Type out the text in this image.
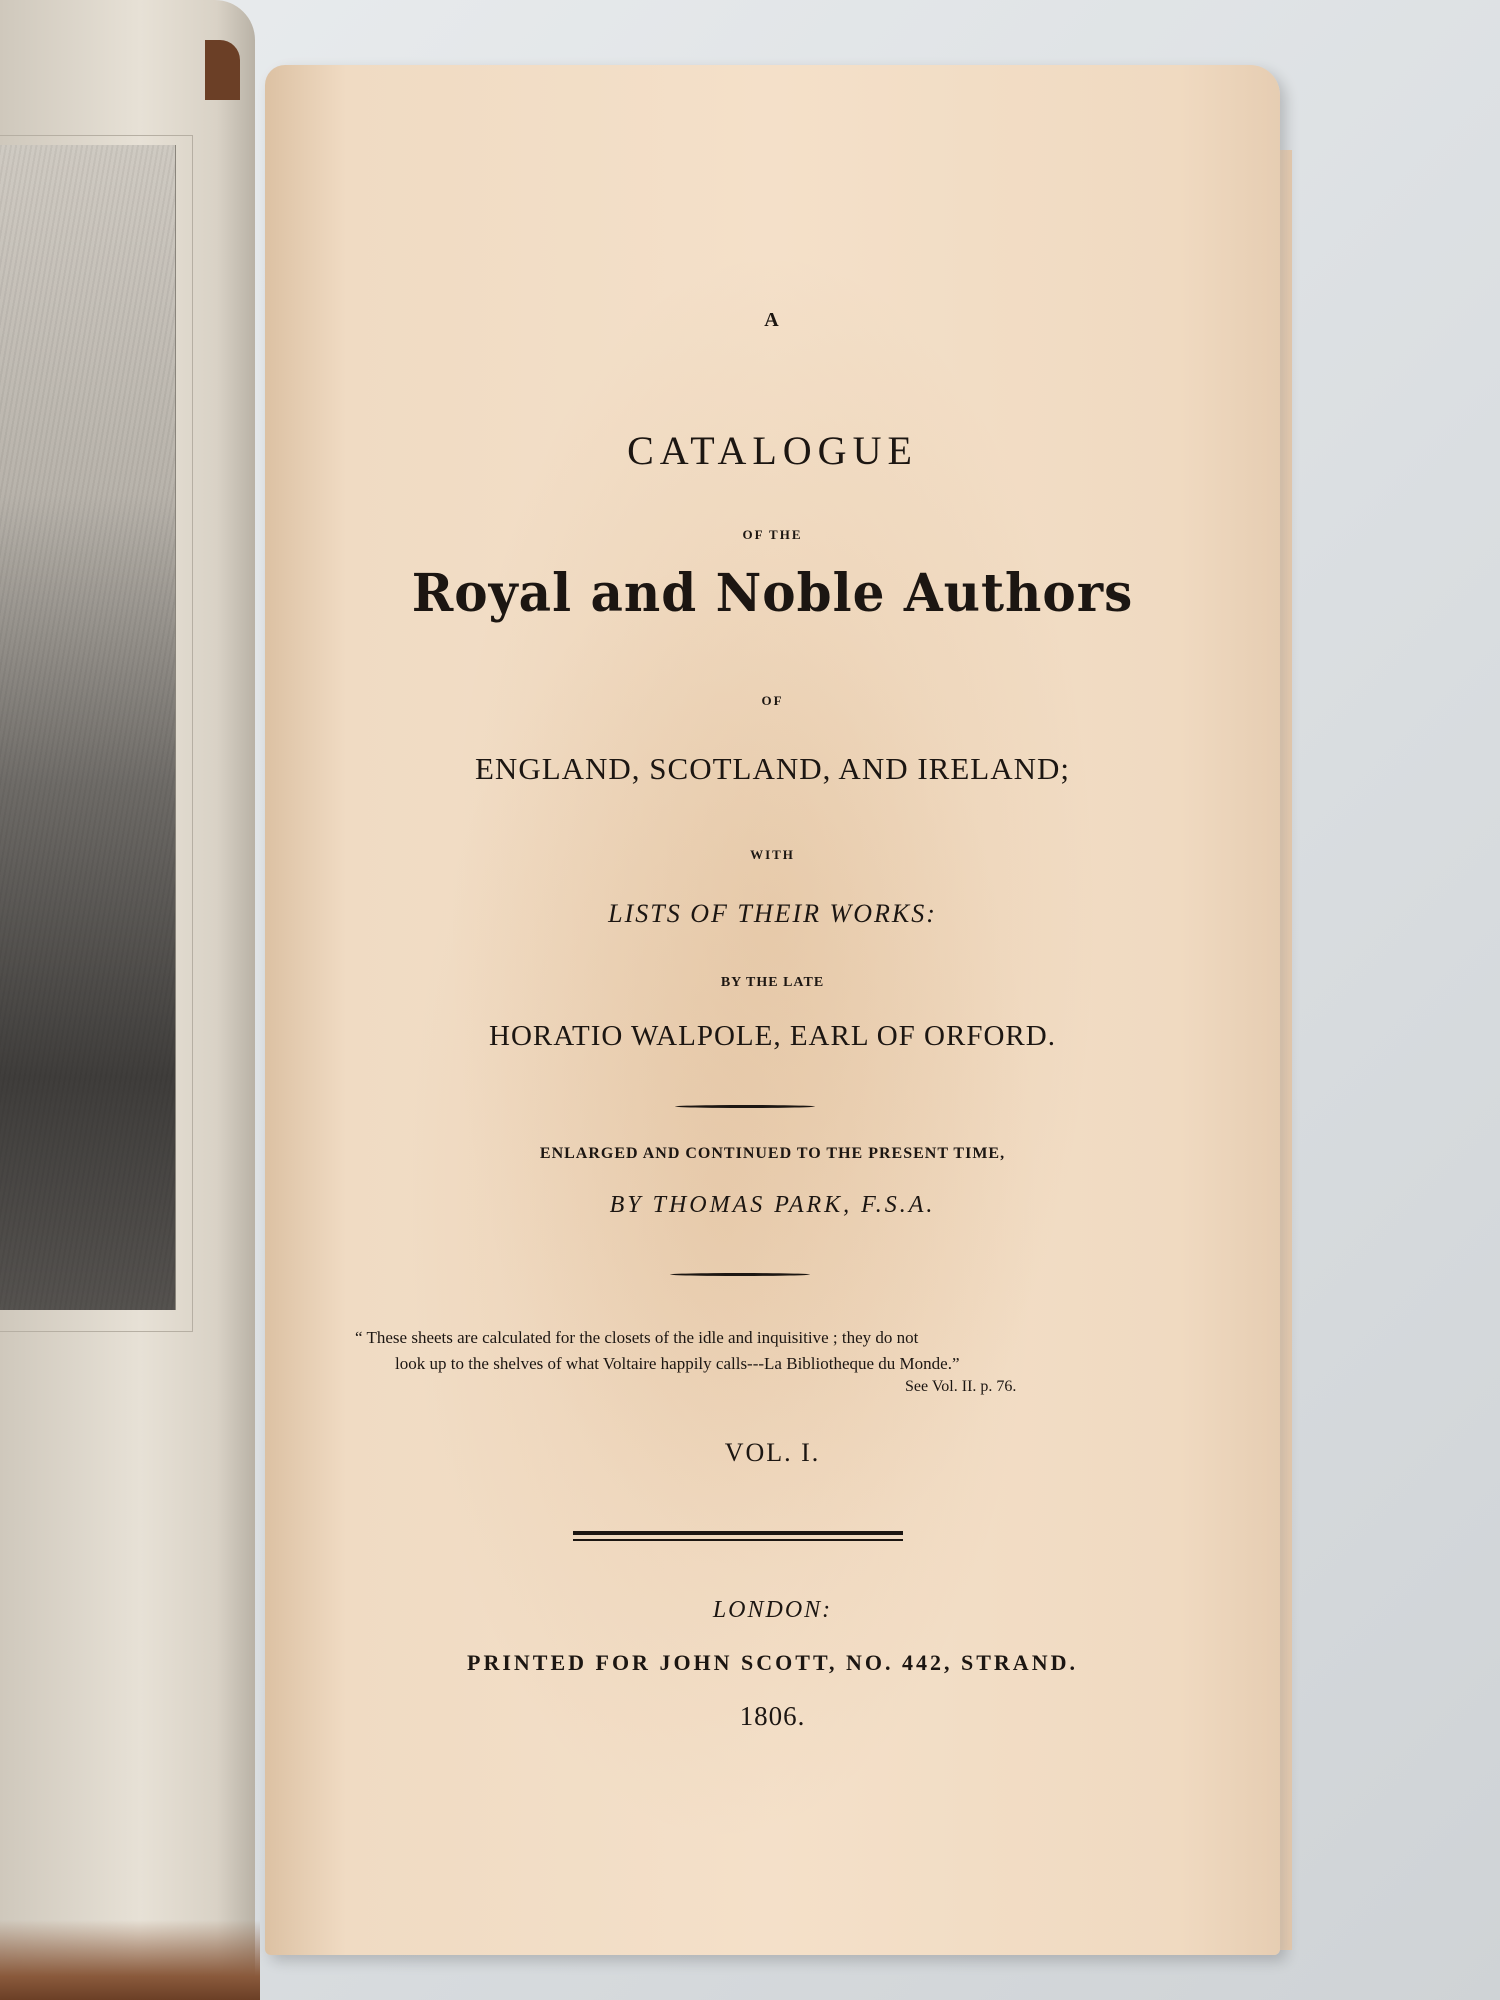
A

CATALOGUE

OF THE

Royal and Noble Authors

OF

ENGLAND, SCOTLAND, AND IRELAND;

WITH

LISTS OF THEIR WORKS:

BY THE LATE

HORATIO WALPOLE, EARL OF ORFORD.

ENLARGED AND CONTINUED TO THE PRESENT TIME,

BY THOMAS PARK, F.S.A.

“ These sheets are calculated for the closets of the idle and inquisitive ; they do not
look up to the shelves of what Voltaire happily calls---La Bibliotheque du Monde.”
See Vol. II. p. 76.

VOL. I.

LONDON:

PRINTED FOR JOHN SCOTT, NO. 442, STRAND.

1806.
